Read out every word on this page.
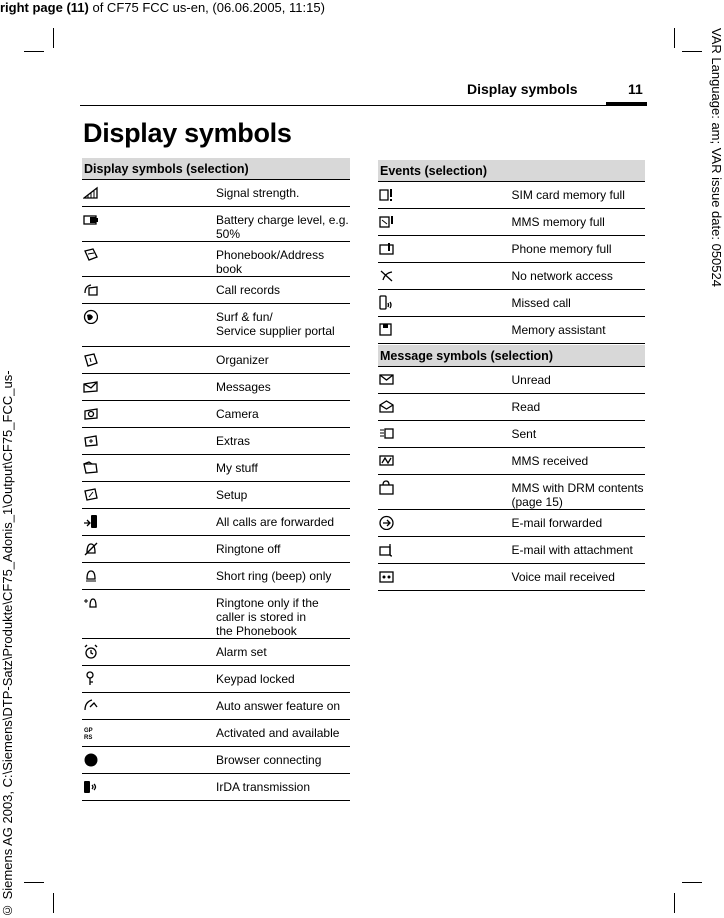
right page (11) of CF75 FCC us-en, (06.06.2005, 11:15)
VAR Language: am; VAR issue date: 050524
© Siemens AG 2003, C:\Siemens\DTP-Satz\Produkte\CF75_Adonis_1\Output\CF75_FCC_us-
Display symbols	11
Display symbols
Display symbols (selection)	

	Signal strength.

	Battery charge level, e.g. 50%

	Phonebook/Address book

	Call records

	Surf & fun/
Service supplier portal

	Organizer

	Messages

	Camera

	Extras

	My stuff

	Setup

	All calls are forwarded

	Ringtone off

	Short ring (beep) only

	Ringtone only if the caller is stored in
the Phonebook

	Alarm set

	Keypad locked

	Auto answer feature on

GP
RS	Activated and available

	Browser connecting

	IrDA transmission
Events (selection)	

	SIM card memory full

	MMS memory full

	Phone memory full

	No network access

	Missed call

	Memory assistant
Message symbols (selection)	

	Unread

	Read

	Sent

	MMS received

	MMS with DRM contents (page 15)

	E-mail forwarded

	E-mail with attachment

	Voice mail received
